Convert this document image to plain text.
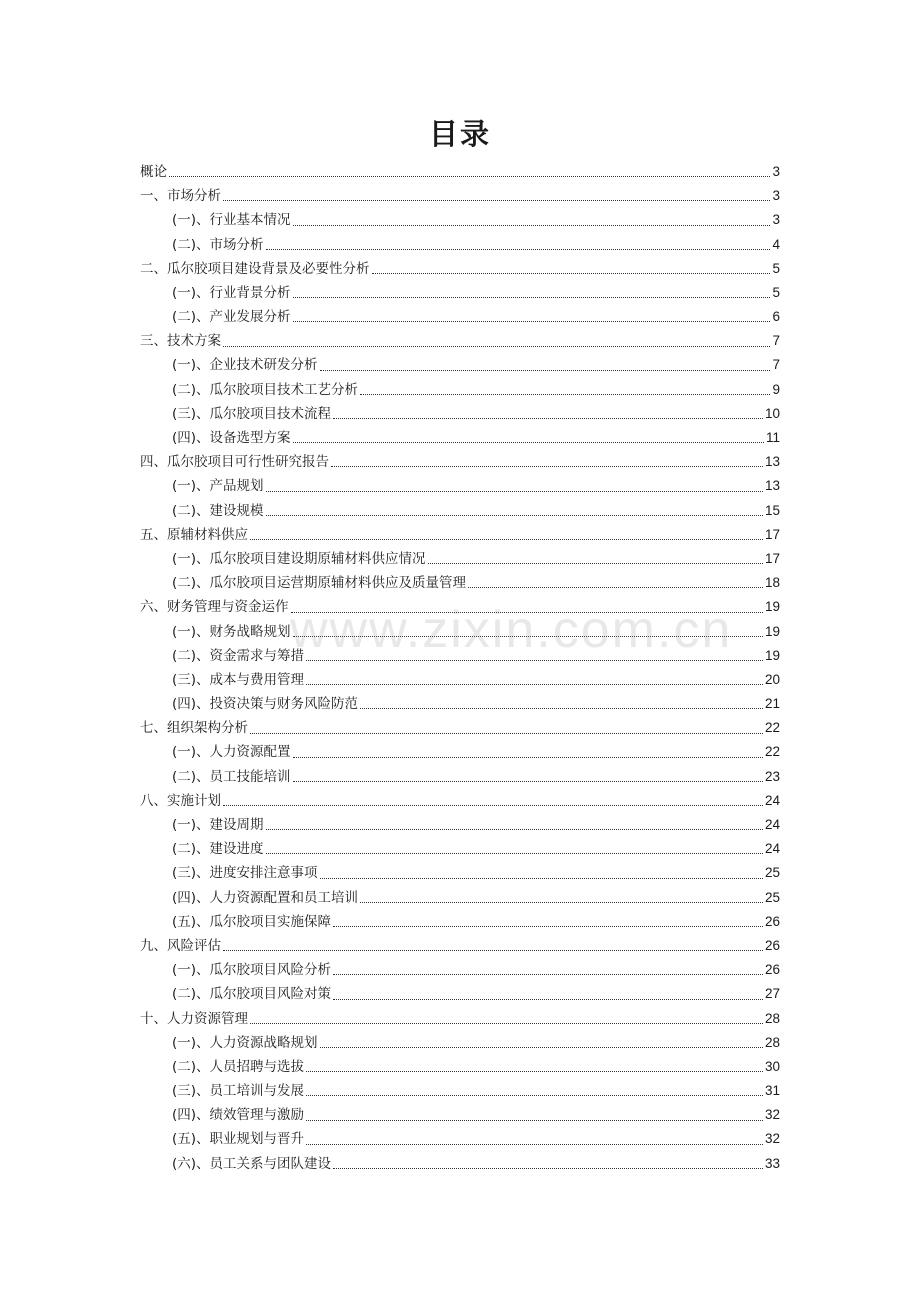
目录
概论	3
一、市场分析	3
(一)、行业基本情况	3
(二)、市场分析	4
二、瓜尔胶项目建设背景及必要性分析	5
(一)、行业背景分析	5
(二)、产业发展分析	6
三、技术方案	7
(一)、企业技术研发分析	7
(二)、瓜尔胶项目技术工艺分析	9
(三)、瓜尔胶项目技术流程	10
(四)、设备选型方案	11
四、瓜尔胶项目可行性研究报告	13
(一)、产品规划	13
(二)、建设规模	15
五、原辅材料供应	17
(一)、瓜尔胶项目建设期原辅材料供应情况	17
(二)、瓜尔胶项目运营期原辅材料供应及质量管理	18
六、财务管理与资金运作	19
(一)、财务战略规划	19
(二)、资金需求与筹措	19
(三)、成本与费用管理	20
(四)、投资决策与财务风险防范	21
七、组织架构分析	22
(一)、人力资源配置	22
(二)、员工技能培训	23
八、实施计划	24
(一)、建设周期	24
(二)、建设进度	24
(三)、进度安排注意事项	25
(四)、人力资源配置和员工培训	25
(五)、瓜尔胶项目实施保障	26
九、风险评估	26
(一)、瓜尔胶项目风险分析	26
(二)、瓜尔胶项目风险对策	27
十、人力资源管理	28
(一)、人力资源战略规划	28
(二)、人员招聘与选拔	30
(三)、员工培训与发展	31
(四)、绩效管理与激励	32
(五)、职业规划与晋升	32
(六)、员工关系与团队建设	33
www.zixin.com.cn
